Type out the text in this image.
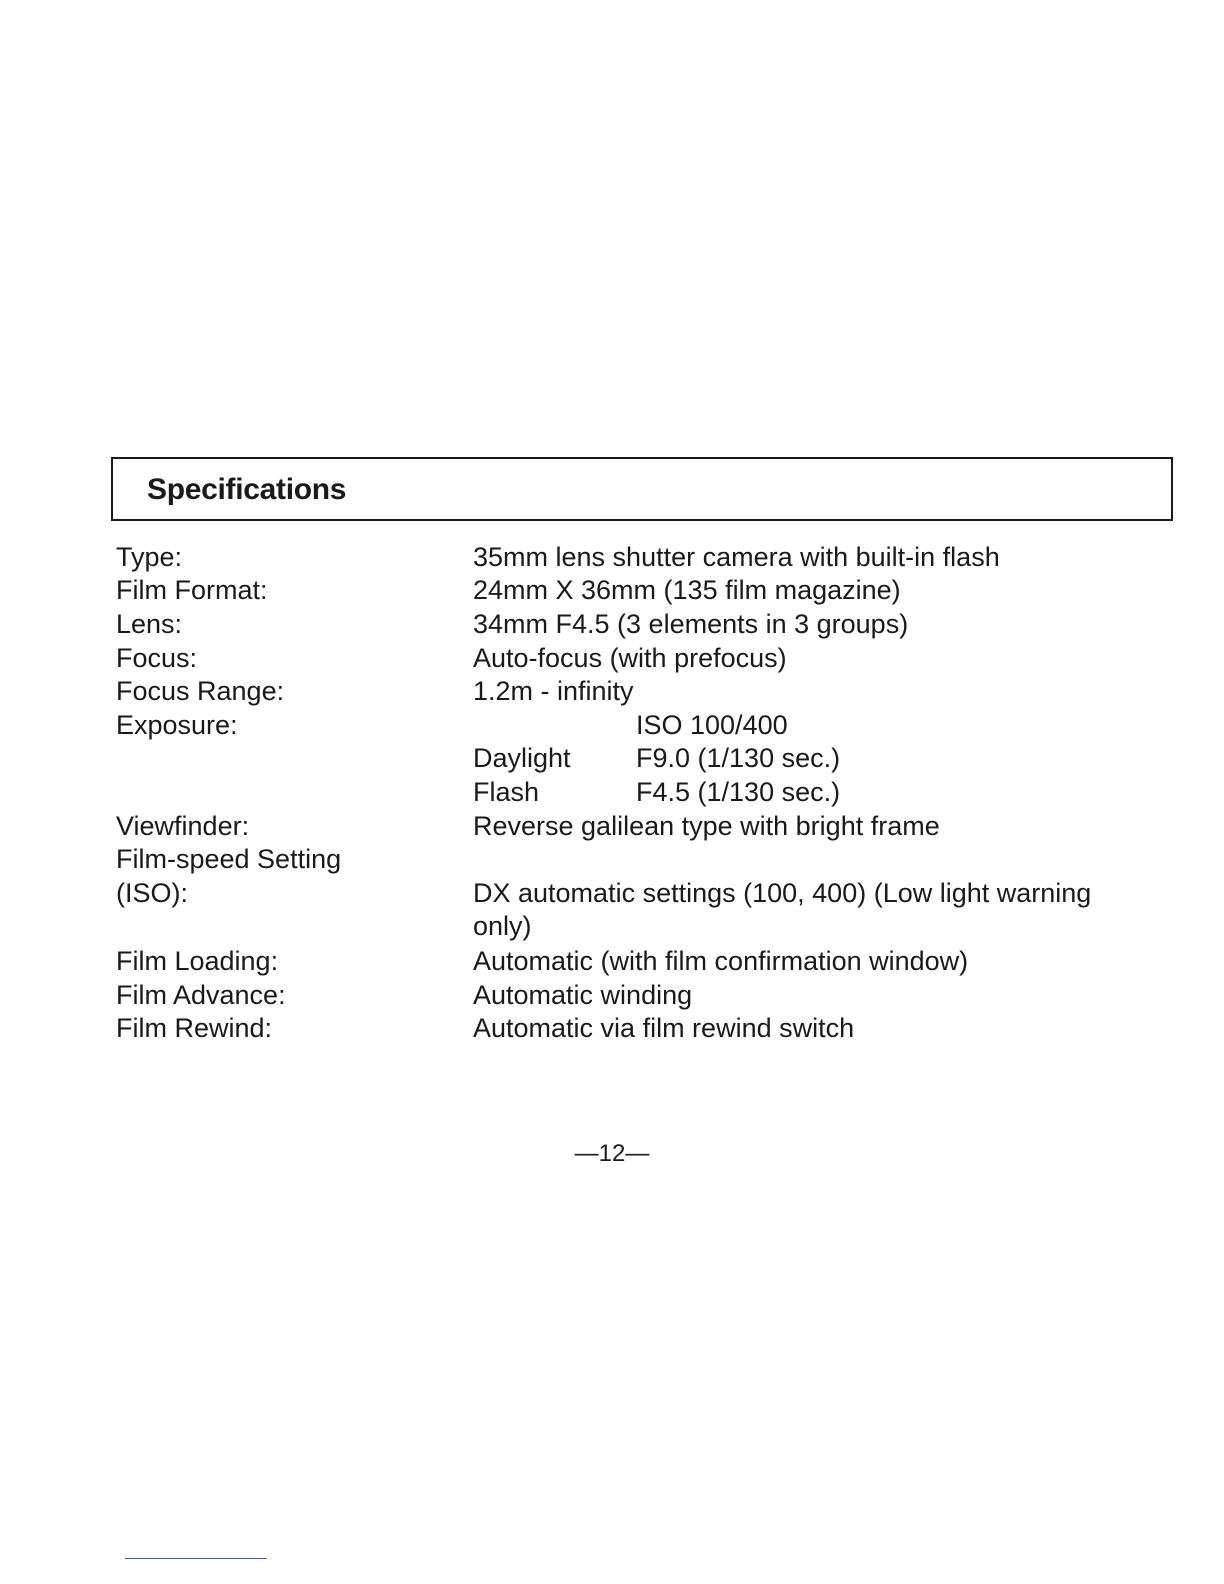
Specifications
Type:	35mm lens shutter camera with built-in flash
Film Format:	24mm X 36mm (135 film magazine)
Lens:	34mm F4.5 (3 elements in 3 groups)
Focus:	Auto-focus (with prefocus)
Focus Range:	1.2m - infinity
Exposure:	ISO 100/400
Daylight F9.0 (1/130 sec.)
Flash	F4.5 (1/130 sec.)
Viewfinder:	Reverse galilean type with bright frame
Film-speed Setting
(ISO):	DX automatic settings (100, 400) (Low light warning
only)
Film Loading:	Automatic (with film confirmation window)
Film Advance:	Automatic winding
Film Rewind:	Automatic via film rewind switch
—12—
